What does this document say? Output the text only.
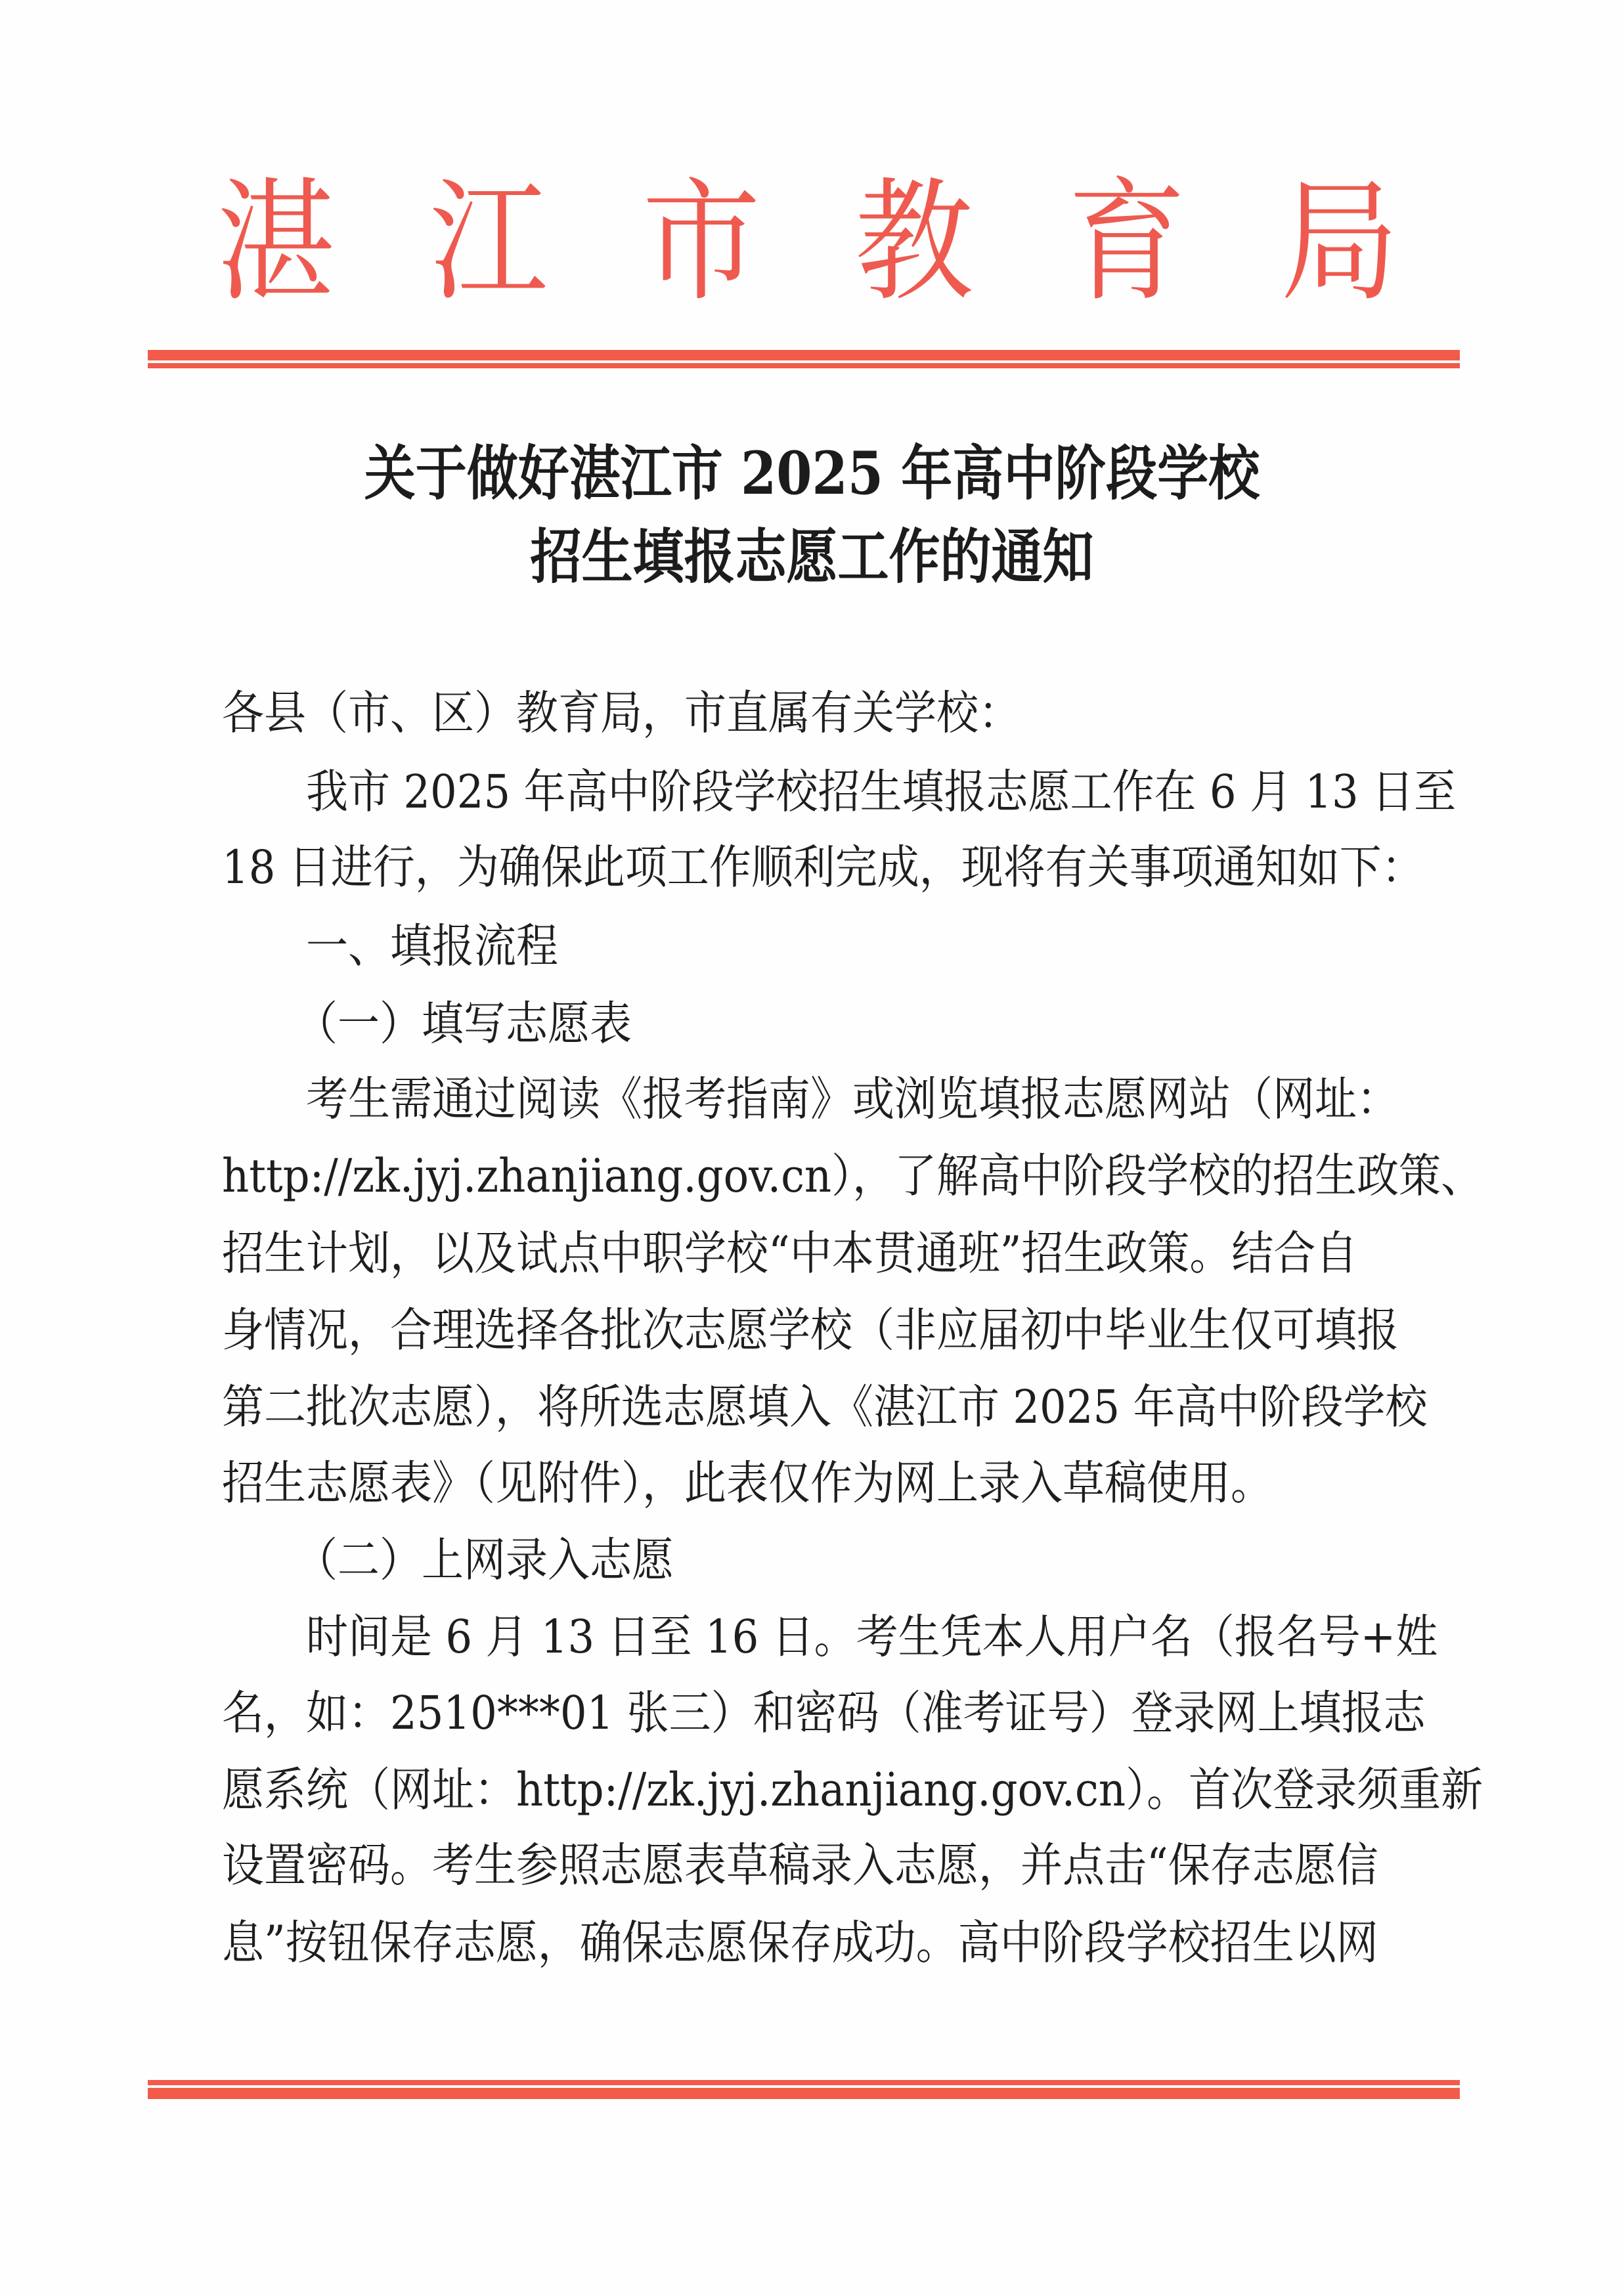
湛 江 市 教 育 局
关于做好湛江市 2025 年高中阶段学校
招生填报志愿工作的通知
各县（市、区）教育局，市直属有关学校：
我市 2025 年高中阶段学校招生填报志愿工作在 6 月 13 日至
18 日进行，为确保此项工作顺利完成，现将有关事项通知如下：
一、填报流程
（一）填写志愿表
考生需通过阅读《报考指南》或浏览填报志愿网站（网址：
http://zk.jyj.zhanjiang.gov.cn），了解高中阶段学校的招生政策、
招生计划，以及试点中职学校“中本贯通班”招生政策。结合自
身情况，合理选择各批次志愿学校（非应届初中毕业生仅可填报
第二批次志愿），将所选志愿填入《湛江市 2025 年高中阶段学校
招生志愿表》（见附件），此表仅作为网上录入草稿使用。
（二）上网录入志愿
时间是 6 月 13 日至 16 日。考生凭本人用户名（报名号+姓
名，如：2510***01 张三）和密码（准考证号）登录网上填报志
愿系统（网址：http://zk.jyj.zhanjiang.gov.cn）。首次登录须重新
设置密码。考生参照志愿表草稿录入志愿，并点击“保存志愿信
息”按钮保存志愿，确保志愿保存成功。高中阶段学校招生以网
